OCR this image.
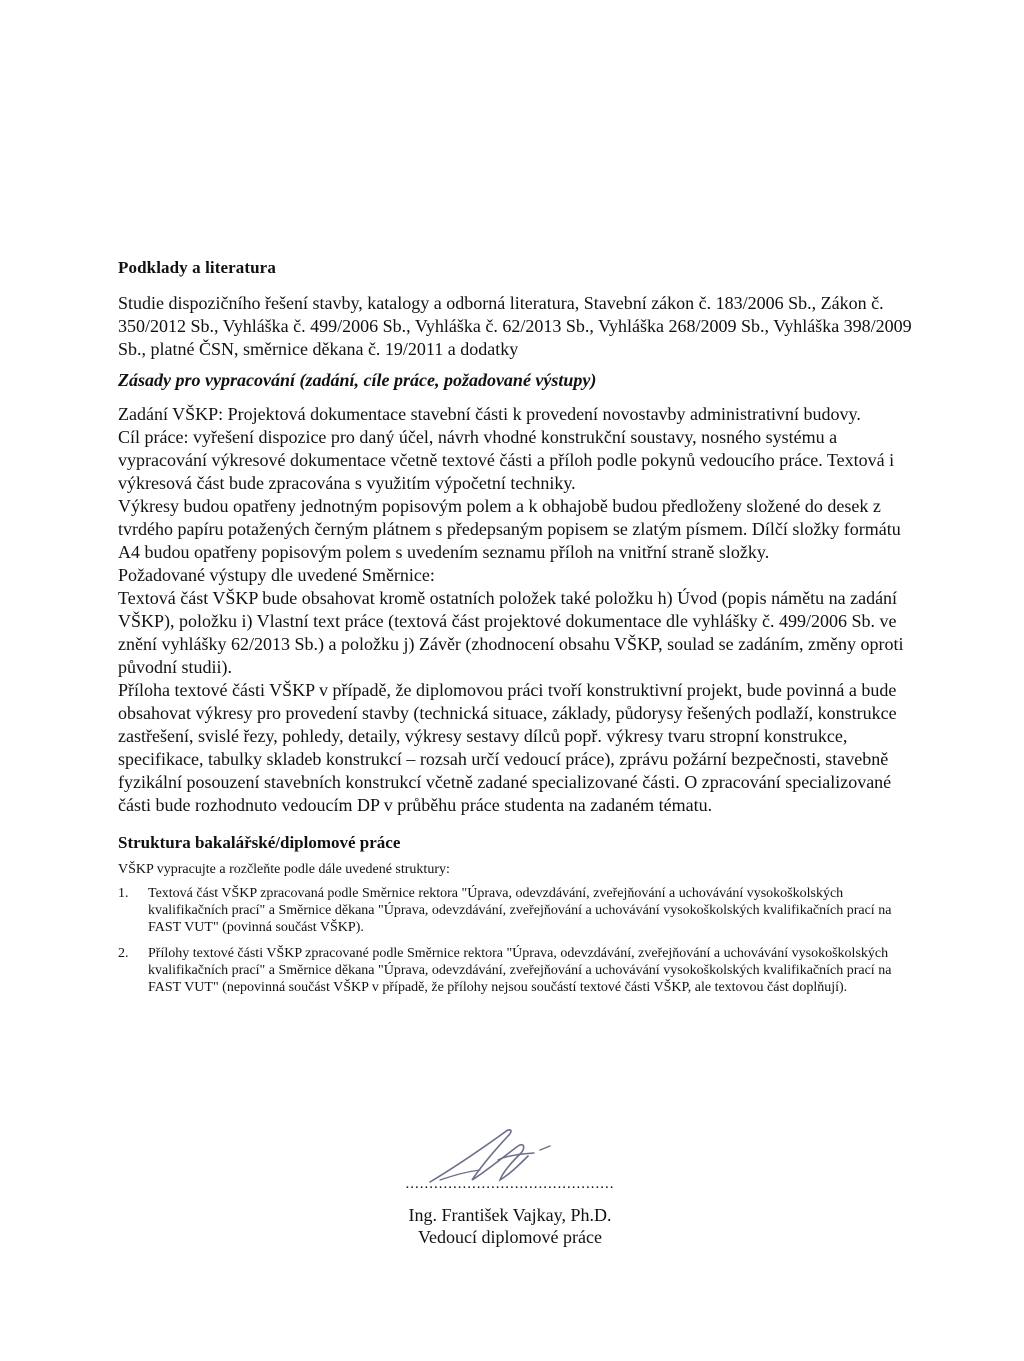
Podklady a literatura

Studie dispozičního řešení stavby, katalogy a odborná literatura, Stavební zákon č. 183/2006 Sb., Zákon č. 350/2012 Sb., Vyhláška č. 499/2006 Sb., Vyhláška č. 62/2013 Sb., Vyhláška 268/2009 Sb., Vyhláška 398/2009 Sb., platné ČSN, směrnice děkana č. 19/2011 a dodatky

Zásady pro vypracování (zadání, cíle práce, požadované výstupy)

Zadání VŠKP: Projektová dokumentace stavební části k provedení novostavby administrativní budovy.

Cíl práce: vyřešení dispozice pro daný účel, návrh vhodné konstrukční soustavy, nosného systému a vypracování výkresové dokumentace včetně textové části a příloh podle pokynů vedoucího práce. Textová i výkresová část bude zpracována s využitím výpočetní techniky.

Výkresy budou opatřeny jednotným popisovým polem a k obhajobě budou předloženy složené do desek z tvrdého papíru potažených černým plátnem s předepsaným popisem se zlatým písmem. Dílčí složky formátu A4 budou opatřeny popisovým polem s uvedením seznamu příloh na vnitřní straně složky.

Požadované výstupy dle uvedené Směrnice:

Textová část VŠKP bude obsahovat kromě ostatních položek také položku h) Úvod (popis námětu na zadání VŠKP), položku i) Vlastní text práce (textová část projektové dokumentace dle vyhlášky č. 499/2006 Sb. ve znění vyhlášky 62/2013 Sb.) a položku j) Závěr (zhodnocení obsahu VŠKP, soulad se zadáním, změny oproti původní studii).

Příloha textové části VŠKP v případě, že diplomovou práci tvoří konstruktivní projekt, bude povinná a bude obsahovat výkresy pro provedení stavby (technická situace, základy, půdorysy řešených podlaží, konstrukce zastřešení, svislé řezy, pohledy, detaily, výkresy sestavy dílců popř. výkresy tvaru stropní konstrukce, specifikace, tabulky skladeb konstrukcí – rozsah určí vedoucí práce), zprávu požární bezpečnosti, stavebně fyzikální posouzení stavebních konstrukcí včetně zadané specializované části. O zpracování specializované části bude rozhodnuto vedoucím DP v průběhu práce studenta na zadaném tématu.

Struktura bakalářské/diplomové práce

VŠKP vypracujte a rozčleňte podle dále uvedené struktury:

1.	Textová část VŠKP zpracovaná podle Směrnice rektora "Úprava, odevzdávání, zveřejňování a uchovávání vysokoškolských kvalifikačních prací" a Směrnice děkana "Úprava, odevzdávání, zveřejňování a uchovávání vysokoškolských kvalifikačních prací na FAST VUT" (povinná součást VŠKP).
2.	Přílohy textové části VŠKP zpracované podle Směrnice rektora "Úprava, odevzdávání, zveřejňování a uchovávání vysokoškolských kvalifikačních prací" a Směrnice děkana "Úprava, odevzdávání, zveřejňování a uchovávání vysokoškolských kvalifikačních prací na FAST VUT" (nepovinná součást VŠKP v případě, že přílohy nejsou součástí textové části VŠKP, ale textovou část doplňují).
............................................
Ing. František Vajkay, Ph.D.
Vedoucí diplomové práce
